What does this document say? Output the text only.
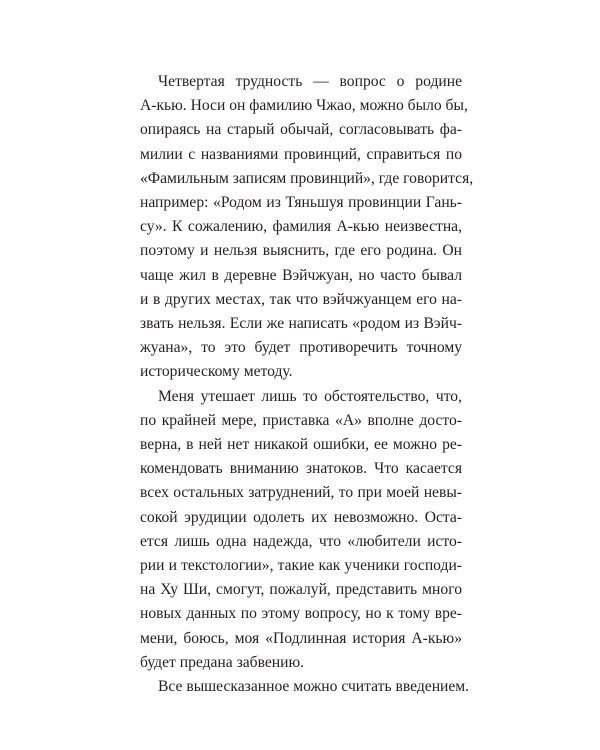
Четвертая трудность — вопрос о родине
А-кью. Носи он фамилию Чжао, можно было бы,
опираясь на старый обычай, согласовывать фа-
милии с названиями провинций, справиться по
«Фамильным записям провинций», где говорится,
например: «Родом из Тяньшуя провинции Гань-
су». К сожалению, фамилия А-кью неизвестна,
поэтому и нельзя выяснить, где его родина. Он
чаще жил в деревне Вэйчжуан, но часто бывал
и в других местах, так что вэйчжуанцем его на-
звать нельзя. Если же написать «родом из Вэйч-
жуана», то это будет противоречить точному
историческому методу.

Меня утешает лишь то обстоятельство, что,
по крайней мере, приставка «А» вполне досто-
верна, в ней нет никакой ошибки, ее можно ре-
комендовать вниманию знатоков. Что касается
всех остальных затруднений, то при моей невы-
сокой эрудиции одолеть их невозможно. Оста-
ется лишь одна надежда, что «любители исто-
рии и текстологии», такие как ученики господи-
на Ху Ши, смогут, пожалуй, представить много
новых данных по этому вопросу, но к тому вре-
мени, боюсь, моя «Подлинная история А-кью»
будет предана забвению.

Все вышесказанное можно считать введением.
